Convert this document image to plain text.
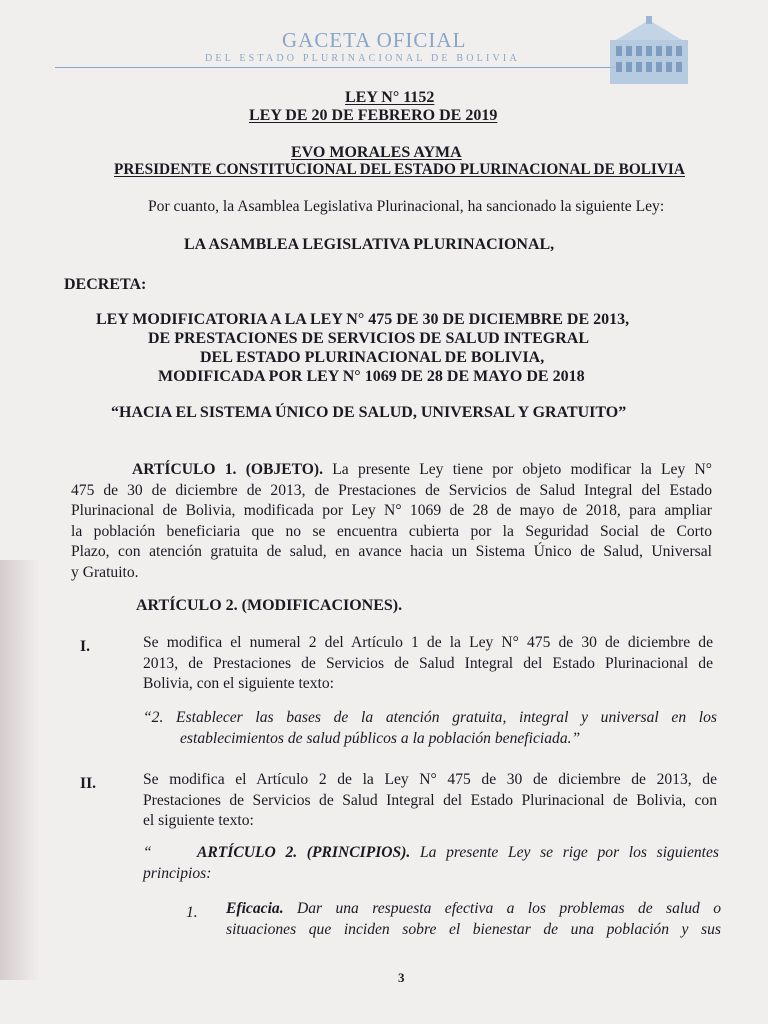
GACETA OFICIAL
DEL ESTADO PLURINACIONAL DE BOLIVIA
LEY N° 1152
LEY DE 20 DE FEBRERO DE 2019
EVO MORALES AYMA
PRESIDENTE CONSTITUCIONAL DEL ESTADO PLURINACIONAL DE BOLIVIA
Por cuanto, la Asamblea Legislativa Plurinacional, ha sancionado la siguiente Ley:
LA ASAMBLEA LEGISLATIVA PLURINACIONAL,
DECRETA:
LEY MODIFICATORIA A LA LEY N° 475 DE 30 DE DICIEMBRE DE 2013,
DE PRESTACIONES DE SERVICIOS DE SALUD INTEGRAL
DEL ESTADO PLURINACIONAL DE BOLIVIA,
MODIFICADA POR LEY N° 1069 DE 28 DE MAYO DE 2018
“HACIA EL SISTEMA ÚNICO DE SALUD, UNIVERSAL Y GRATUITO”
ARTÍCULO 1. (OBJETO). La presente Ley tiene por objeto modificar la Ley N°
475 de 30 de diciembre de 2013, de Prestaciones de Servicios de Salud Integral del Estado
Plurinacional de Bolivia, modificada por Ley N° 1069 de 28 de mayo de 2018, para ampliar
la población beneficiaria que no se encuentra cubierta por la Seguridad Social de Corto
Plazo, con atención gratuita de salud, en avance hacia un Sistema Único de Salud, Universal
y Gratuito.
ARTÍCULO 2. (MODIFICACIONES).
I.	Se modifica el numeral 2 del Artículo 1 de la Ley N° 475 de 30 de diciembre de
2013, de Prestaciones de Servicios de Salud Integral del Estado Plurinacional de
Bolivia, con el siguiente texto:
“2. Establecer las bases de la atención gratuita, integral y universal en los
establecimientos de salud públicos a la población beneficiada.”
II.	Se modifica el Artículo 2 de la Ley N° 475 de 30 de diciembre de 2013, de
Prestaciones de Servicios de Salud Integral del Estado Plurinacional de Bolivia, con
el siguiente texto:
“	ARTÍCULO 2. (PRINCIPIOS). La presente Ley se rige por los siguientes
principios:
1. Eficacia. Dar una respuesta efectiva a los problemas de salud o
situaciones que inciden sobre el bienestar de una población y sus
3
